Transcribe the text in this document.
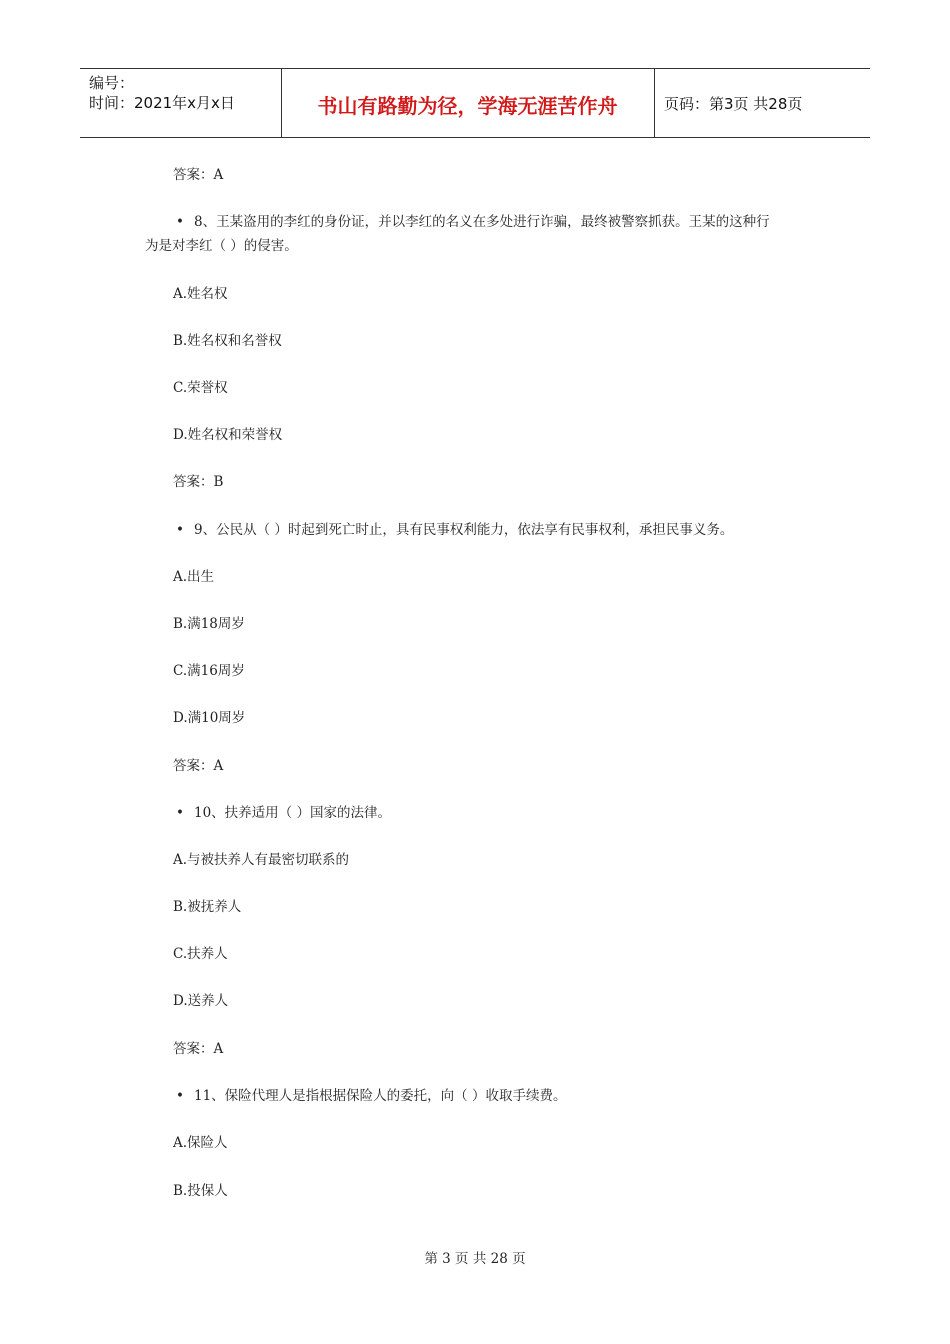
编号：
时间：2021年x月x日	书山有路勤为径，学海无涯苦作舟	页码：第3页 共28页
答案：A
• 8、王某盗用的李红的身份证，并以李红的名义在多处进行诈骗，最终被警察抓获。王某的这种行
为是对李红（ ）的侵害。
A.姓名权
B.姓名权和名誉权
C.荣誉权
D.姓名权和荣誉权
答案：B
• 9、公民从（ ）时起到死亡时止，具有民事权利能力，依法享有民事权利，承担民事义务。
A.出生
B.满18周岁
C.满16周岁
D.满10周岁
答案：A
• 10、扶养适用（ ）国家的法律。
A.与被扶养人有最密切联系的
B.被抚养人
C.扶养人
D.送养人
答案：A
• 11、保险代理人是指根据保险人的委托，向（ ）收取手续费。
A.保险人
B.投保人
第 3 页 共 28 页
